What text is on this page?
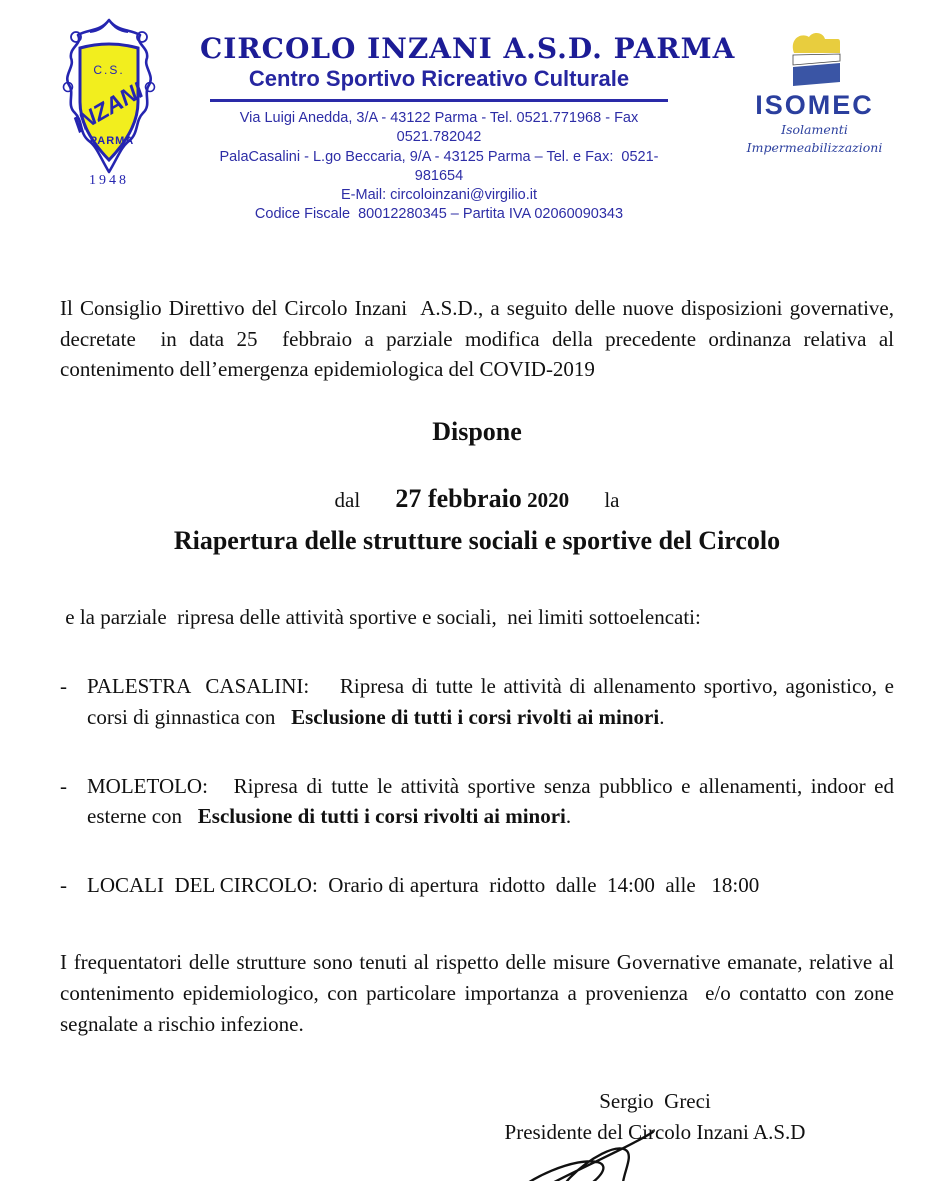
C.S.
INZANI
PARMA
1948
CIRCOLO INZANI A.S.D. PARMA
Centro Sportivo Ricreativo Culturale
Via Luigi Anedda, 3/A - 43122 Parma - Tel. 0521.771968 - Fax 0521.782042
PalaCasalini - L.go Beccaria, 9/A - 43125 Parma – Tel. e Fax:  0521-981654
E-Mail: circoloinzani@virgilio.it
Codice Fiscale  80012280345 – Partita IVA 02060090343
ISOMEC
Isolamenti
Impermeabilizzazioni

Il Consiglio Direttivo del Circolo Inzani  A.S.D., a seguito delle nuove disposizioni governative, decretate  in data 25  febbraio a parziale modifica della precedente ordinanza relativa al contenimento dell’emergenza epidemiologica del COVID-2019

Dispone
dal 27 febbraio 2020 la
Riapertura delle strutture sociali e sportive del Circolo

e la parziale  ripresa delle attività sportive e sociali,  nei limiti sottoelencati:

- PALESTRA  CASALINI:    Ripresa di tutte le attività di allenamento sportivo, agonistico, e corsi di ginnastica con   Esclusione di tutti i corsi rivolti ai minori.
- MOLETOLO:   Ripresa di tutte le attività sportive senza pubblico e allenamenti, indoor ed esterne con   Esclusione di tutti i corsi rivolti ai minori.
- LOCALI  DEL CIRCOLO:  Orario di apertura  ridotto  dalle  14:00  alle   18:00

I frequentatori delle strutture sono tenuti al rispetto delle misure Governative emanate, relative al contenimento epidemiologico, con particolare importanza a provenienza  e/o contatto con zone segnalate a rischio infezione.

Sergio  Greci
Presidente del Circolo Inzani A.S.D
